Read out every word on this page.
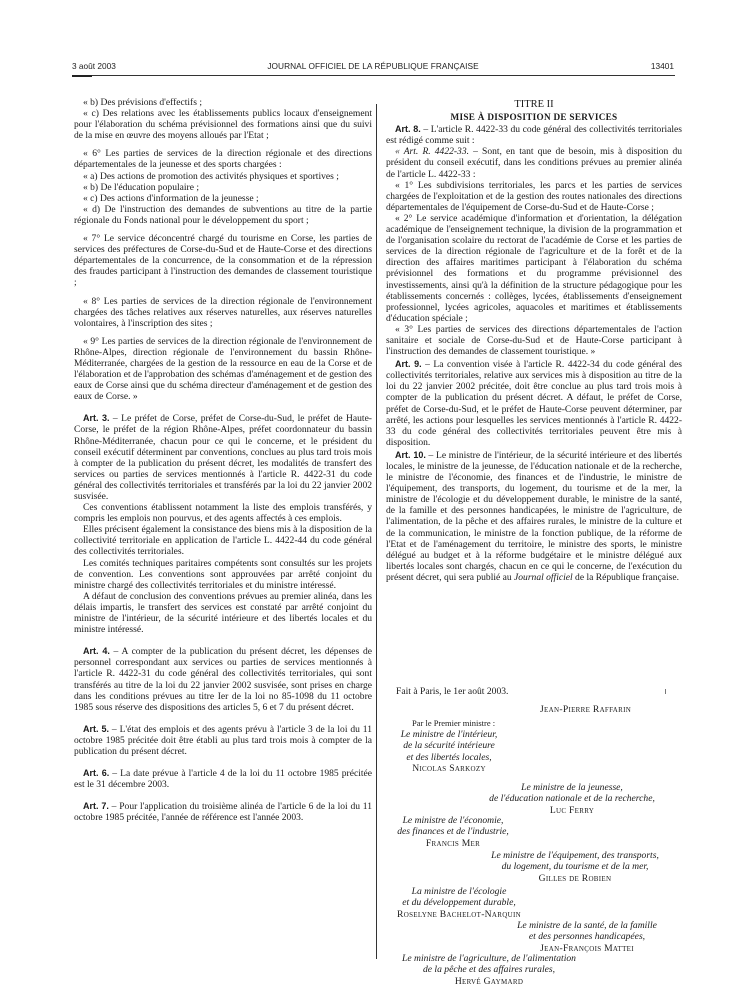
3 août 2003	JOURNAL OFFICIEL DE LA RÉPUBLIQUE FRANÇAISE	13401

« b) Des prévisions d'effectifs ;

« c) Des relations avec les établissements publics locaux d'enseignement pour l'élaboration du schéma prévisionnel des formations ainsi que du suivi de la mise en œuvre des moyens alloués par l'Etat ;

« 6° Les parties de services de la direction régionale et des directions départementales de la jeunesse et des sports chargées :

« a) Des actions de promotion des activités physiques et sportives ;

« b) De l'éducation populaire ;

« c) Des actions d'information de la jeunesse ;

« d) De l'instruction des demandes de subventions au titre de la partie régionale du Fonds national pour le développement du sport ;

« 7° Le service déconcentré chargé du tourisme en Corse, les parties de services des préfectures de Corse-du-Sud et de Haute-Corse et des directions départementales de la concurrence, de la consommation et de la répression des fraudes participant à l'instruction des demandes de classement touristique ;

« 8° Les parties de services de la direction régionale de l'environnement chargées des tâches relatives aux réserves naturelles, aux réserves naturelles volontaires, à l'inscription des sites ;

« 9° Les parties de services de la direction régionale de l'environnement de Rhône-Alpes, direction régionale de l'environnement du bassin Rhône-Méditerranée, chargées de la gestion de la ressource en eau de la Corse et de l'élaboration et de l'approbation des schémas d'aménagement et de gestion des eaux de Corse ainsi que du schéma directeur d'aménagement et de gestion des eaux de Corse. »

Art. 3. – Le préfet de Corse, préfet de Corse-du-Sud, le préfet de Haute-Corse, le préfet de la région Rhône-Alpes, préfet coordonnateur du bassin Rhône-Méditerranée, chacun pour ce qui le concerne, et le président du conseil exécutif déterminent par conventions, conclues au plus tard trois mois à compter de la publication du présent décret, les modalités de transfert des services ou parties de services mentionnés à l'article R. 4422-31 du code général des collectivités territoriales et transférés par la loi du 22 janvier 2002 susvisée.

Ces conventions établissent notamment la liste des emplois transférés, y compris les emplois non pourvus, et des agents affectés à ces emplois.

Elles précisent également la consistance des biens mis à la disposition de la collectivité territoriale en application de l'article L. 4422-44 du code général des collectivités territoriales.

Les comités techniques paritaires compétents sont consultés sur les projets de convention. Les conventions sont approuvées par arrêté conjoint du ministre chargé des collectivités territoriales et du ministre intéressé.

A défaut de conclusion des conventions prévues au premier alinéa, dans les délais impartis, le transfert des services est constaté par arrêté conjoint du ministre de l'intérieur, de la sécurité intérieure et des libertés locales et du ministre intéressé.

Art. 4. – A compter de la publication du présent décret, les dépenses de personnel correspondant aux services ou parties de services mentionnés à l'article R. 4422-31 du code général des collectivités territoriales, qui sont transférés au titre de la loi du 22 janvier 2002 susvisée, sont prises en charge dans les conditions prévues au titre Ier de la loi no 85-1098 du 11 octobre 1985 sous réserve des dispositions des articles 5, 6 et 7 du présent décret.

Art. 5. – L'état des emplois et des agents prévu à l'article 3 de la loi du 11 octobre 1985 précitée doit être établi au plus tard trois mois à compter de la publication du présent décret.

Art. 6. – La date prévue à l'article 4 de la loi du 11 octobre 1985 précitée est le 31 décembre 2003.

Art. 7. – Pour l'application du troisième alinéa de l'article 6 de la loi du 11 octobre 1985 précitée, l'année de référence est l'année 2003.

TITRE II

MISE À DISPOSITION DE SERVICES

Art. 8. – L'article R. 4422-33 du code général des collectivités territoriales est rédigé comme suit :

« Art. R. 4422-33. – Sont, en tant que de besoin, mis à disposition du président du conseil exécutif, dans les conditions prévues au premier alinéa de l'article L. 4422-33 :

« 1° Les subdivisions territoriales, les parcs et les parties de services chargées de l'exploitation et de la gestion des routes nationales des directions départementales de l'équipement de Corse-du-Sud et de Haute-Corse ;

« 2° Le service académique d'information et d'orientation, la délégation académique de l'enseignement technique, la division de la programmation et de l'organisation scolaire du rectorat de l'académie de Corse et les parties de services de la direction régionale de l'agriculture et de la forêt et de la direction des affaires maritimes participant à l'élaboration du schéma prévisionnel des formations et du programme prévisionnel des investissements, ainsi qu'à la définition de la structure pédagogique pour les établissements concernés : collèges, lycées, établissements d'enseignement professionnel, lycées agricoles, aquacoles et maritimes et établissements d'éducation spéciale ;

« 3° Les parties de services des directions départementales de l'action sanitaire et sociale de Corse-du-Sud et de Haute-Corse participant à l'instruction des demandes de classement touristique. »

Art. 9. – La convention visée à l'article R. 4422-34 du code général des collectivités territoriales, relative aux services mis à disposition au titre de la loi du 22 janvier 2002 précitée, doit être conclue au plus tard trois mois à compter de la publication du présent décret. A défaut, le préfet de Corse, préfet de Corse-du-Sud, et le préfet de Haute-Corse peuvent déterminer, par arrêté, les actions pour lesquelles les services mentionnés à l'article R. 4422-33 du code général des collectivités territoriales peuvent être mis à disposition.

Art. 10. – Le ministre de l'intérieur, de la sécurité intérieure et des libertés locales, le ministre de la jeunesse, de l'éducation nationale et de la recherche, le ministre de l'économie, des finances et de l'industrie, le ministre de l'équipement, des transports, du logement, du tourisme et de la mer, la ministre de l'écologie et du développement durable, le ministre de la santé, de la famille et des personnes handicapées, le ministre de l'agriculture, de l'alimentation, de la pêche et des affaires rurales, le ministre de la culture et de la communication, le ministre de la fonction publique, de la réforme de l'Etat et de l'aménagement du territoire, le ministre des sports, le ministre délégué au budget et à la réforme budgétaire et le ministre délégué aux libertés locales sont chargés, chacun en ce qui le concerne, de l'exécution du présent décret, qui sera publié au Journal officiel de la République française.

Fait à Paris, le 1er août 2003.
Jean-Pierre Raffarin
Par le Premier ministre :
Le ministre de l'intérieur,
de la sécurité intérieure
et des libertés locales,
Nicolas Sarkozy
Le ministre de la jeunesse,
de l'éducation nationale et de la recherche,
Luc Ferry
Le ministre de l'économie,
des finances et de l'industrie,
Francis Mer
Le ministre de l'équipement, des transports,
du logement, du tourisme et de la mer,
Gilles de Robien
La ministre de l'écologie
et du développement durable,
Roselyne Bachelot-Narquin
Le ministre de la santé, de la famille
et des personnes handicapées,
Jean-François Mattei
Le ministre de l'agriculture, de l'alimentation
de la pêche et des affaires rurales,
Hervé Gaymard
